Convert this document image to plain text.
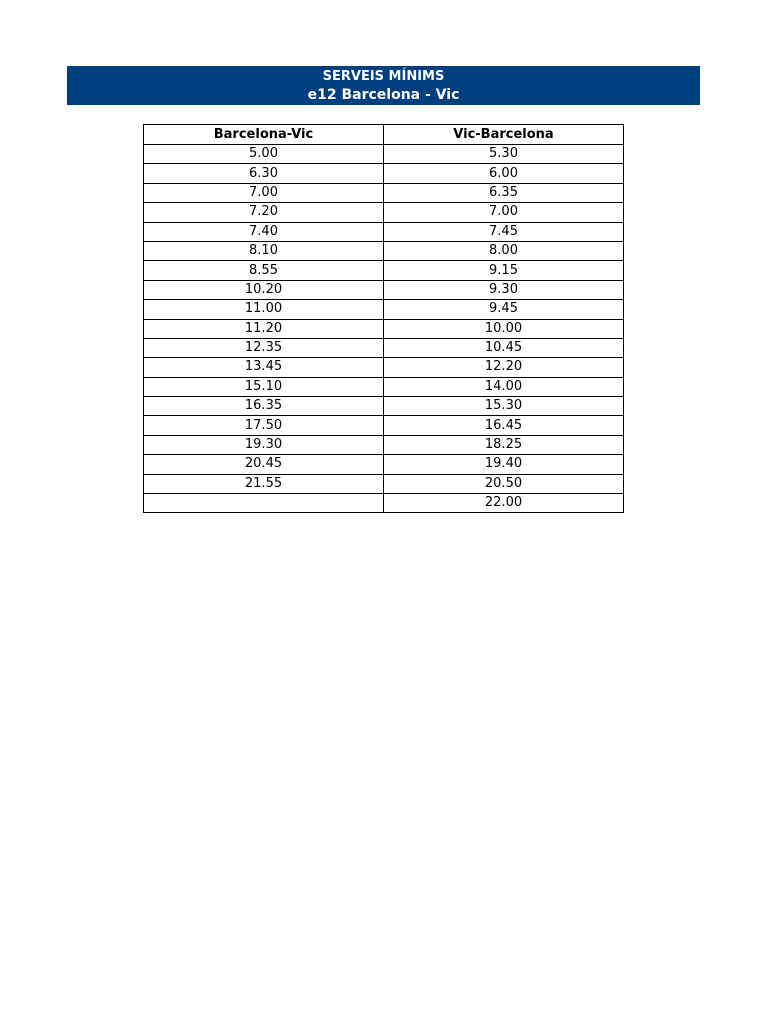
SERVEIS MÍNIMS
e12 Barcelona - Vic
Barcelona-Vic	Vic-Barcelona
5.00	5.30
6.30	6.00
7.00	6.35
7.20	7.00
7.40	7.45
8.10	8.00
8.55	9.15
10.20	9.30
11.00	9.45
11.20	10.00
12.35	10.45
13.45	12.20
15.10	14.00
16.35	15.30
17.50	16.45
19.30	18.25
20.45	19.40
21.55	20.50
	22.00
